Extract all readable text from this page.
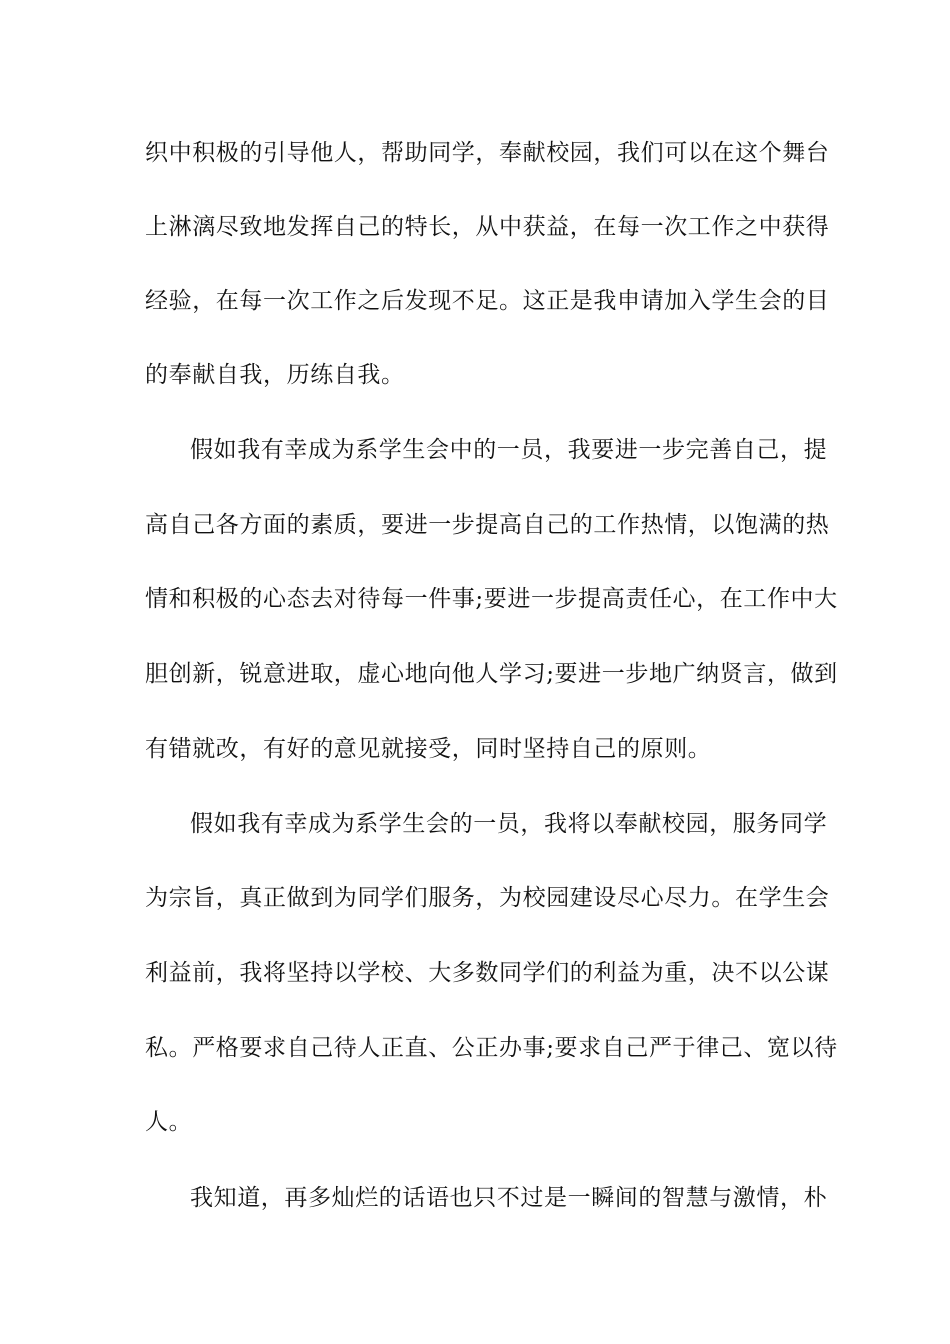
织中积极的引导他人，帮助同学，奉献校园，我们可以在这个舞台
上淋漓尽致地发挥自己的特长，从中获益，在每一次工作之中获得
经验，在每一次工作之后发现不足。这正是我申请加入学生会的目
的奉献自我，历练自我。
假如我有幸成为系学生会中的一员，我要进一步完善自己，提
高自己各方面的素质，要进一步提高自己的工作热情，以饱满的热
情和积极的心态去对待每一件事;要进一步提高责任心，在工作中大
胆创新，锐意进取，虚心地向他人学习;要进一步地广纳贤言，做到
有错就改，有好的意见就接受，同时坚持自己的原则。
假如我有幸成为系学生会的一员，我将以奉献校园，服务同学
为宗旨，真正做到为同学们服务，为校园建设尽心尽力。在学生会
利益前，我将坚持以学校、大多数同学们的利益为重，决不以公谋
私。严格要求自己待人正直、公正办事;要求自己严于律己、宽以待
人。
我知道，再多灿烂的话语也只不过是一瞬间的智慧与激情，朴
